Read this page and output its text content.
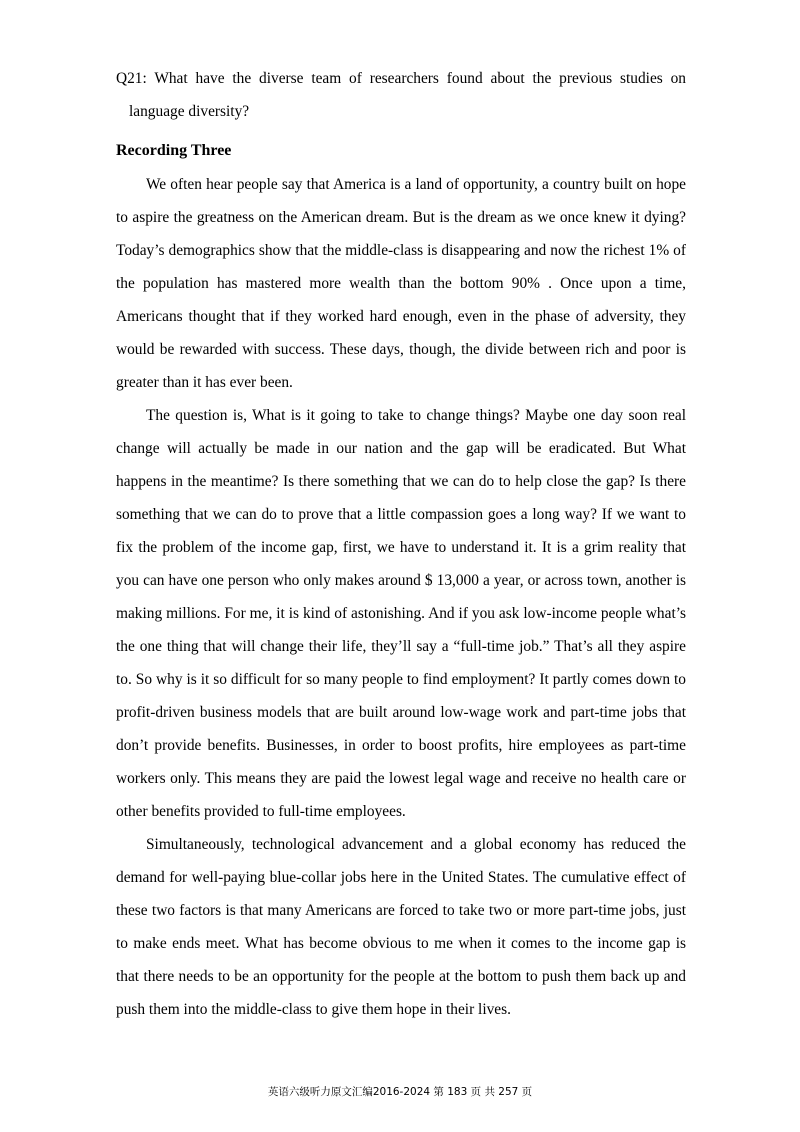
Q21: What have the diverse team of researchers found about the previous studies on language diversity?

Recording Three

We often hear people say that America is a land of opportunity, a country built on hope to aspire the greatness on the American dream. But is the dream as we once knew it dying? Today’s demographics show that the middle-class is disappearing and now the richest 1% of the population has mastered more wealth than the bottom 90% . Once upon a time, Americans thought that if they worked hard enough, even in the phase of adversity, they would be rewarded with success. These days, though, the divide between rich and poor is greater than it has ever been.

The question is, What is it going to take to change things? Maybe one day soon real change will actually be made in our nation and the gap will be eradicated. But What happens in the meantime? Is there something that we can do to help close the gap? Is there something that we can do to prove that a little compassion goes a long way? If we want to fix the problem of the income gap, first, we have to understand it. It is a grim reality that you can have one person who only makes around $ 13,000 a year, or across town, another is making millions. For me, it is kind of astonishing. And if you ask low-income people what’s the one thing that will change their life, they’ll say a “full-time job.” That’s all they aspire to. So why is it so difficult for so many people to find employment? It partly comes down to profit-driven business models that are built around low-wage work and part-time jobs that don’t provide benefits. Businesses, in order to boost profits, hire employees as part-time workers only. This means they are paid the lowest legal wage and receive no health care or other benefits provided to full-time employees.

Simultaneously, technological advancement and a global economy has reduced the demand for well-paying blue-collar jobs here in the United States. The cumulative effect of these two factors is that many Americans are forced to take two or more part-time jobs, just to make ends meet. What has become obvious to me when it comes to the income gap is that there needs to be an opportunity for the people at the bottom to push them back up and push them into the middle-class to give them hope in their lives.

英语六级听力原文汇编2016-2024 第 183 页 共 257 页
